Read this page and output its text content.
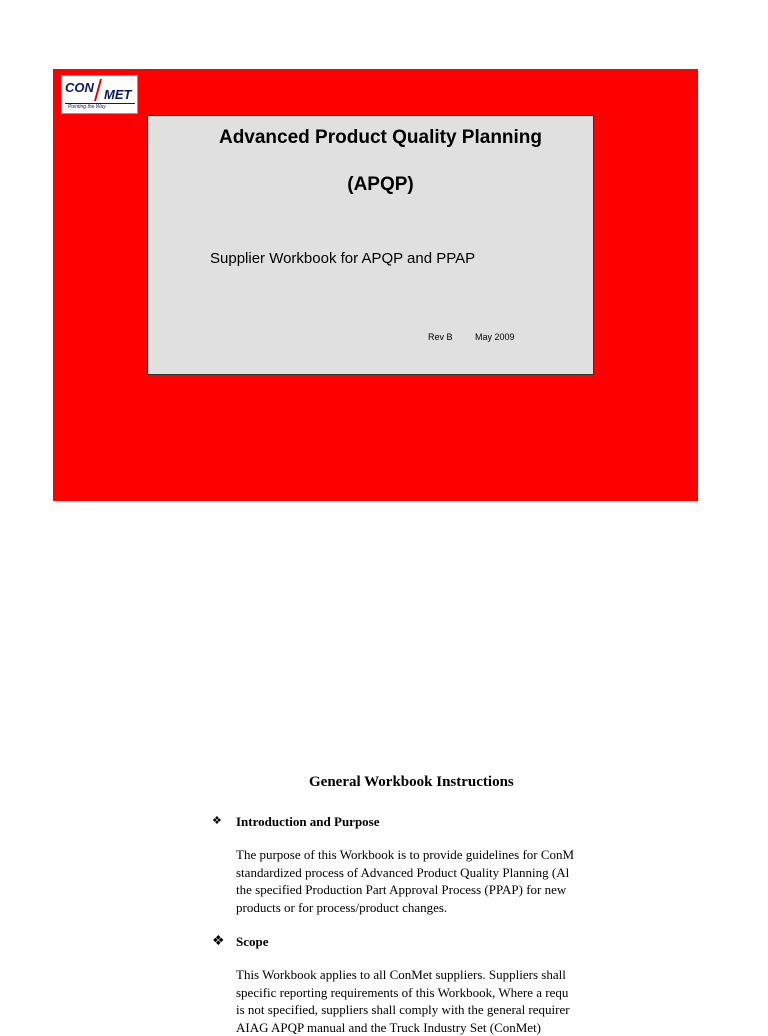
CON MET
Pointing the Way
Advanced Product Quality Planning
(APQP)
Supplier Workbook for APQP and PPAP
Rev B May 2009
General Workbook Instructions
❖ Introduction and Purpose
The purpose of this Workbook is to provide guidelines for ConM
standardized process of Advanced Product Quality Planning (Al
the specified Production Part Approval Process (PPAP) for new
products or for process/product changes.
❖ Scope
This Workbook applies to all ConMet suppliers. Suppliers shall
specific reporting requirements of this Workbook, Where a requ
is not specified, suppliers shall comply with the general requirer
AIAG APQP manual and the Truck Industry Set (ConMet)
